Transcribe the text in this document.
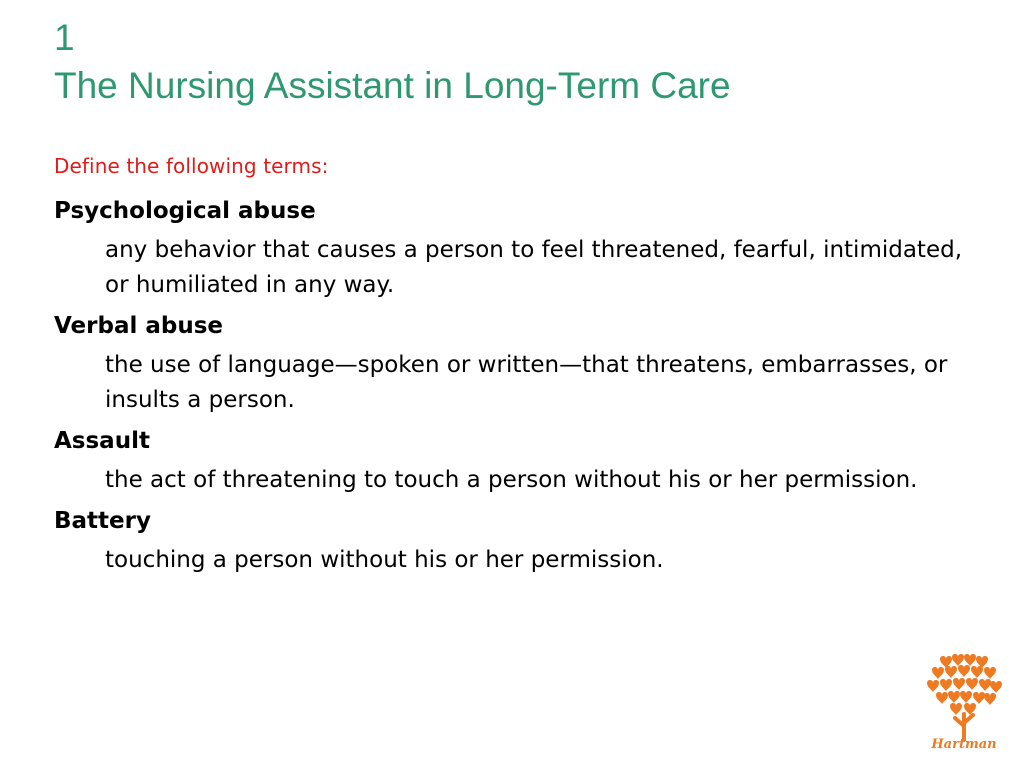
1
The Nursing Assistant in Long-Term Care
Define the following terms:
Psychological abuse
any behavior that causes a person to feel threatened, fearful, intimidated, or humiliated in any way.
Verbal abuse
the use of language—spoken or written—that threatens, embarrasses, or insults a person.
Assault
the act of threatening to touch a person without his or her permission.
Battery
touching a person without his or her permission.
Hartman
